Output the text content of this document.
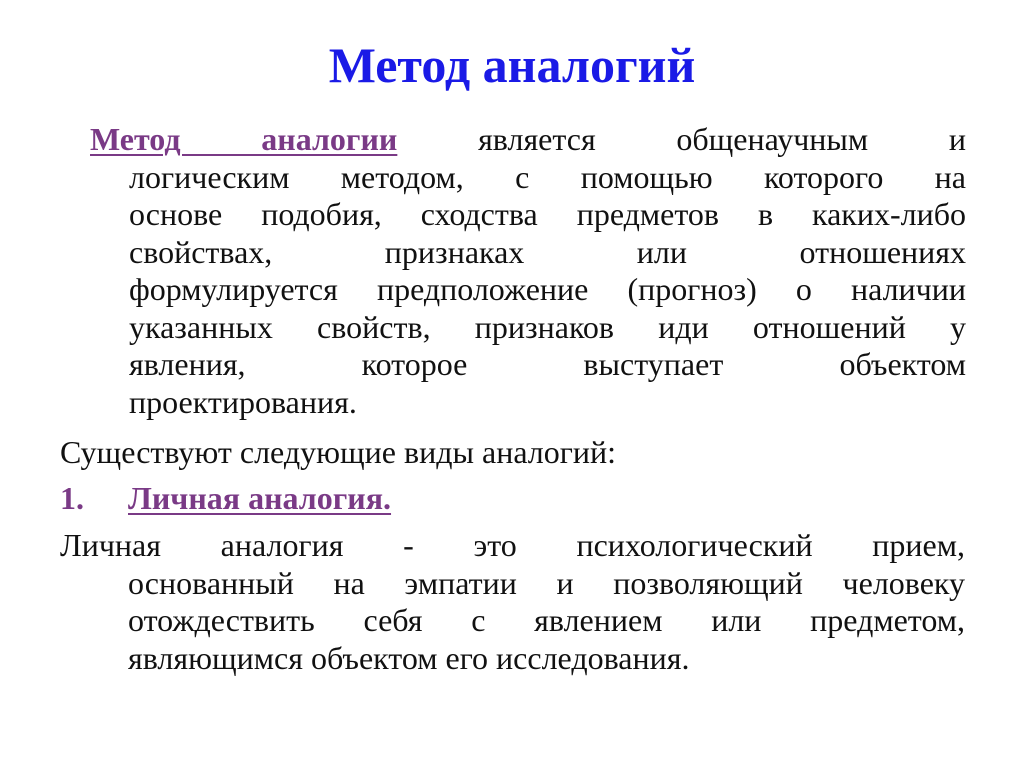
Метод аналогий
Метод аналогии	является общенаучным и
логическим методом, с помощью которого на
основе подобия, сходства предметов в каких-либо
свойствах, признаках или отношениях
формулируется предположение (прогноз) о наличии
указанных свойств, признаков иди отношений у
явления, которое выступает объектом
проектирования.
Существуют следующие виды аналогий:
1. Личная аналогия.
Личная аналогия - это психологический прием,
основанный на эмпатии и позволяющий человеку
отождествить себя с явлением или предметом,
являющимся объектом его исследования.
